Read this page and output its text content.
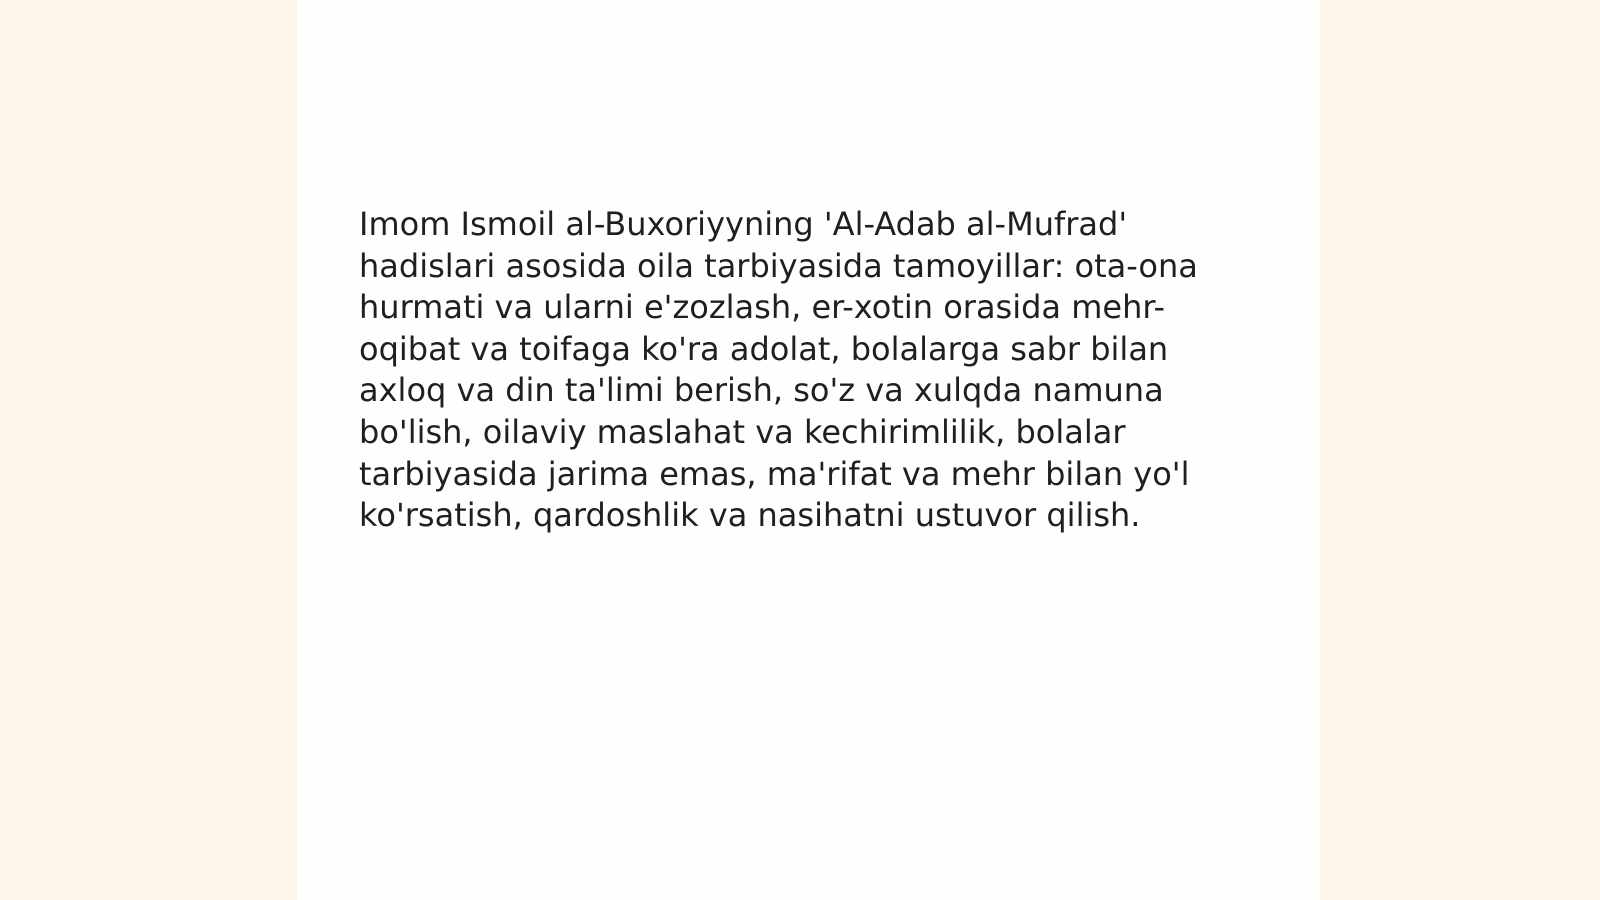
Imom Ismoil al-Buxoriyyning 'Al-Adab al-Mufrad'
hadislari asosida oila tarbiyasida tamoyillar: ota-ona
hurmati va ularni e'zozlash, er-xotin orasida mehr-
oqibat va toifaga ko'ra adolat, bolalarga sabr bilan
axloq va din ta'limi berish, so'z va xulqda namuna
bo'lish, oilaviy maslahat va kechirimlilik, bolalar
tarbiyasida jarima emas, ma'rifat va mehr bilan yo'l
ko'rsatish, qardoshlik va nasihatni ustuvor qilish.
